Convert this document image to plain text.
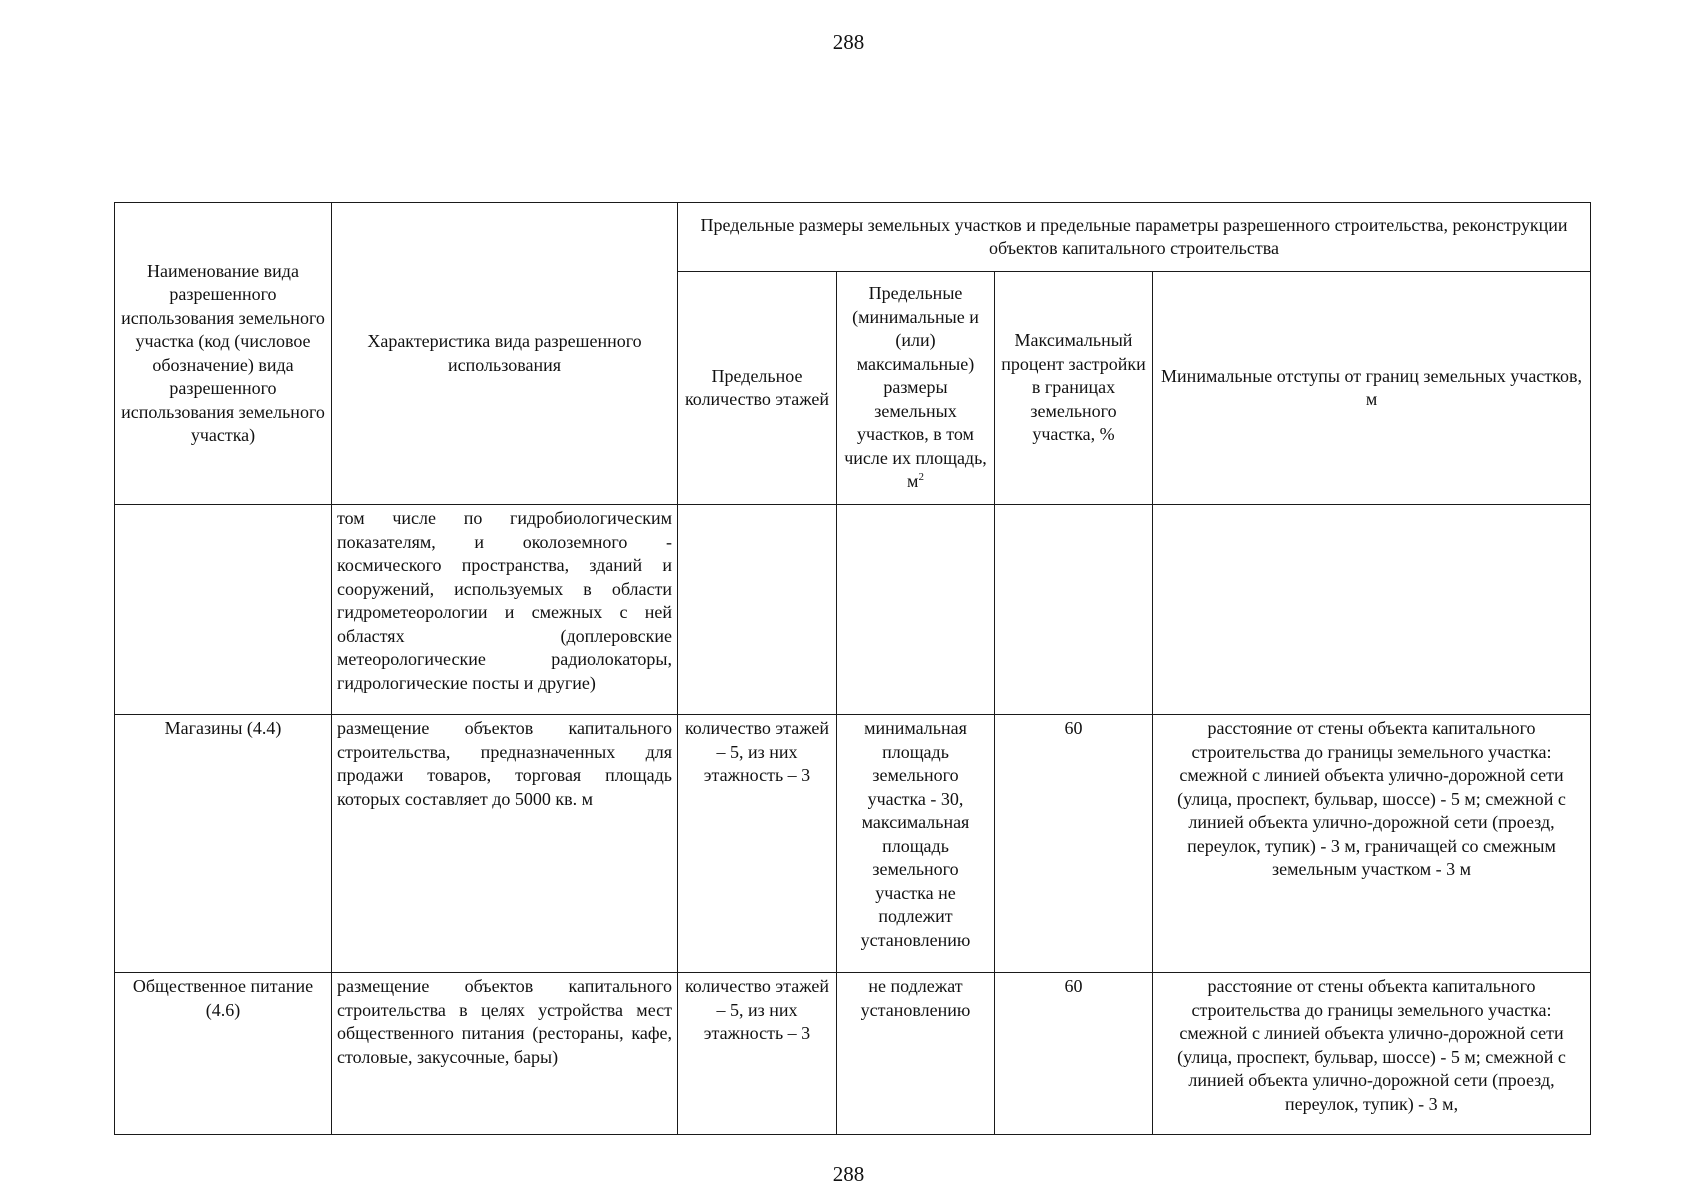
288
Наименование вида разрешенного использования земельного участка (код (числовое обозначение) вида разрешенного использования земельного участка)	Характеристика вида разрешенного использования	Предельные размеры земельных участков и предельные параметры разрешенного строительства, реконструкции объектов капитального строительства			
		Предельное количество этажей	Предельные (минимальные и (или) максимальные) размеры земельных участков, в том числе их площадь, $м^2$	Максимальный процент застройки в границах земельного участка, %	Минимальные отступы от границ земельных участков, м
	том числе по гидробиологическим показателям, и околоземного - космического пространства, зданий и сооружений, используемых в области гидрометеорологии и смежных с ней областях (доплеровские метеорологические радиолокаторы, гидрологические посты и другие)				
Магазины (4.4)	размещение объектов капитального строительства, предназначенных для продажи товаров, торговая площадь которых составляет до 5000 кв. м	количество этажей – 5, из них этажность – 3	минимальная площадь земельного участка - 30, максимальная площадь земельного участка не подлежит установлению	60	расстояние от стены объекта капитального строительства до границы земельного участка: смежной с линией объекта улично-дорожной сети (улица, проспект, бульвар, шоссе) - 5 м; смежной с линией объекта улично-дорожной сети (проезд, переулок, тупик) - 3 м, граничащей со смежным земельным участком - 3 м
Общественное питание (4.6)	размещение объектов капитального строительства в целях устройства мест общественного питания (рестораны, кафе, столовые, закусочные, бары)	количество этажей – 5, из них этажность – 3	не подлежат установлению	60	расстояние от стены объекта капитального строительства до границы земельного участка: смежной с линией объекта улично-дорожной сети (улица, проспект, бульвар, шоссе) - 5 м; смежной с линией объекта улично-дорожной сети (проезд, переулок, тупик) - 3 м,
288
